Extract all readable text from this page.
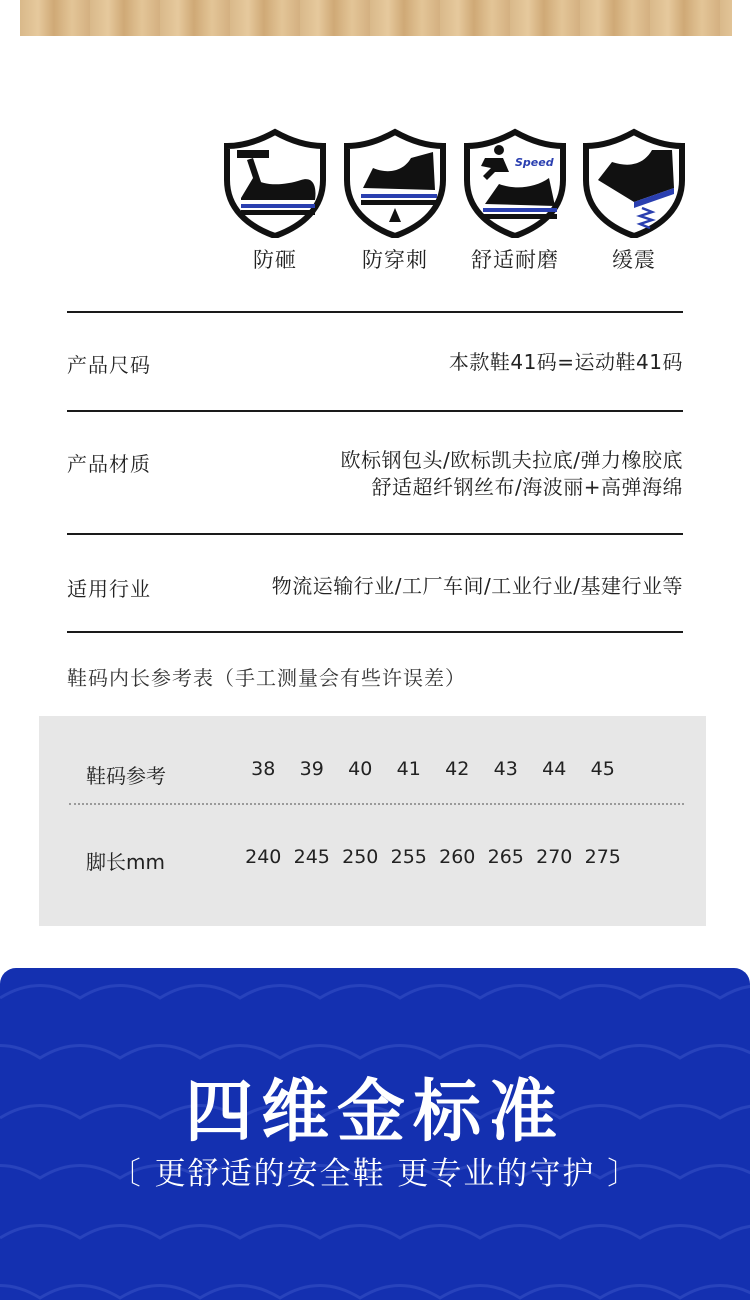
防砸	防穿刺
Speed
舒适耐磨	缓震
产品尺码	本款鞋41码=运动鞋41码
产品材质	欧标钢包头/欧标凯夫拉底/弹力橡胶底
舒适超纤钢丝布/海波丽+高弹海绵
适用行业	物流运输行业/工厂车间/工业行业/基建行业等
鞋码内长参考表（手工测量会有些许误差）
鞋码参考	38	39	40	41	42	43	44	45
脚长mm	240 245 250 255 260 265 270 275
四维金标准
〔 更舒适的安全鞋 更专业的守护 〕
